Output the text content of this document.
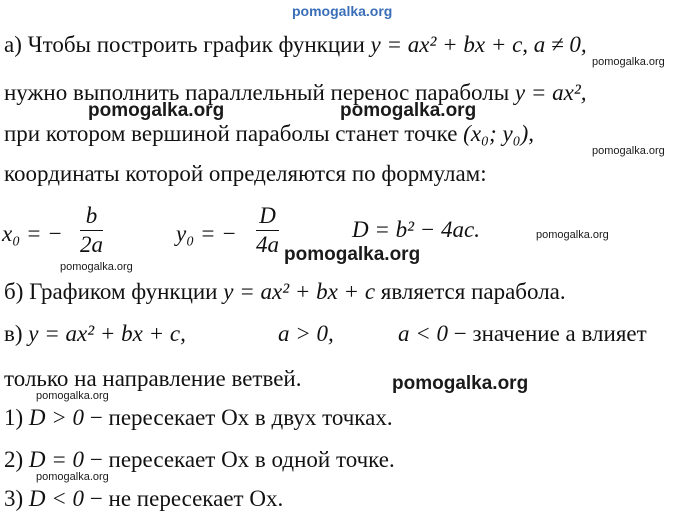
pomogalka.org
а) Чтобы построить график функции y = ax² + bx + c, a ≠ 0,
нужно выполнить параллельный перенос параболы y = ax²,
при котором вершиной параболы станет точке (x₀; y₀),
координаты которой определяются по формулам:
x₀ = − $\frac{b}{2a}$	y₀ = − $\frac{D}{4a}$	D = b² − 4ac.
б) Графиком функции y = ax² + bx + c является парабола.
в) y = ax² + bx + c,	a > 0,	a < 0 − значение a влияет
только на направление ветвей.
1) D > 0 − пересекает Ox в двух точках.
2) D = 0 − пересекает Ox в одной точке.
3) D < 0 − не пересекает Ox.
pomogalka.org
pomogalka.org	pomogalka.org
pomogalka.org
pomogalka.org
pomogalka.org
pomogalka.org
pomogalka.org
pomogalka.org
pomogalka.org
